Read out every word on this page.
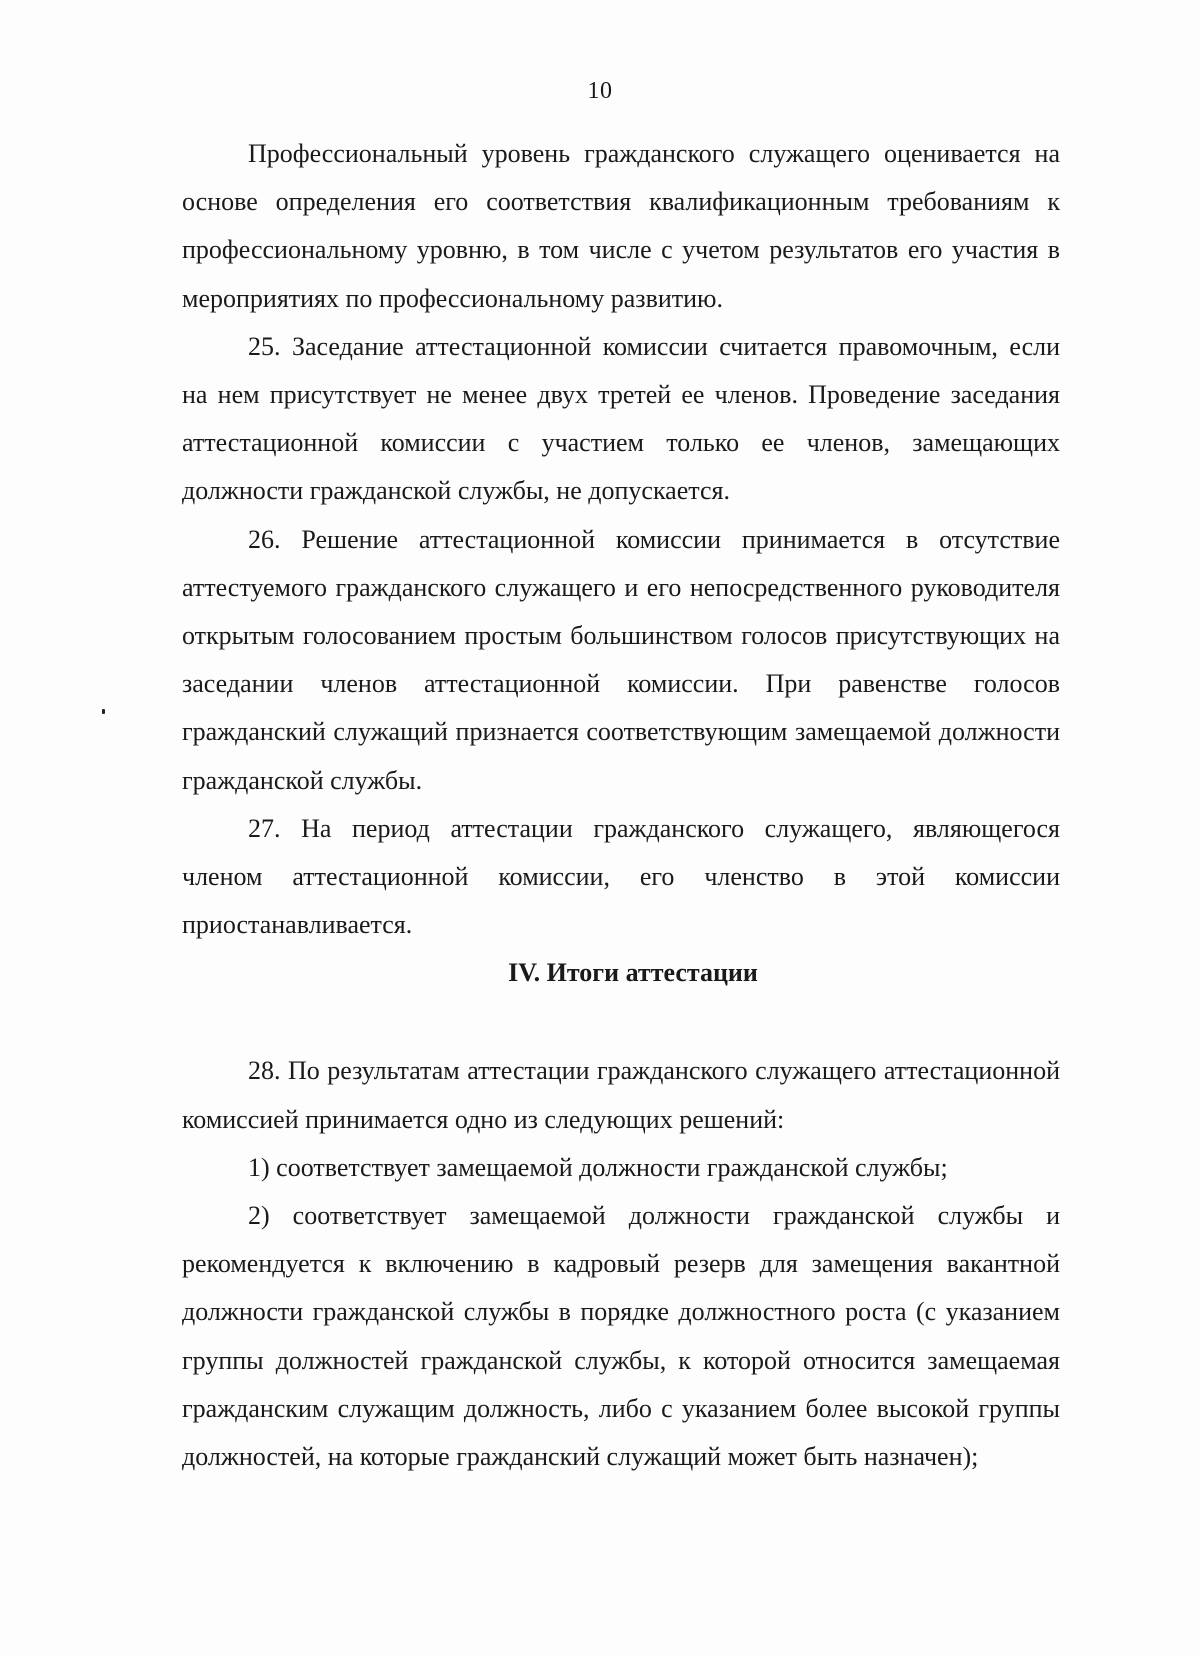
10

Профессиональный уровень гражданского служащего оценивается на основе определения его соответствия квалификационным требованиям к профессиональному уровню, в том числе с учетом результатов его участия в мероприятиях по профессиональному развитию.

25. Заседание аттестационной комиссии считается правомочным, если на нем присутствует не менее двух третей ее членов. Проведение заседания аттестационной комиссии с участием только ее членов, замещающих должности гражданской службы, не допускается.

26. Решение аттестационной комиссии принимается в отсутствие аттестуемого гражданского служащего и его непосредственного руководителя открытым голосованием простым большинством голосов присутствующих на заседании членов аттестационной комиссии. При равенстве голосов гражданский служащий признается соответствующим замещаемой должности гражданской службы.

27. На период аттестации гражданского служащего, являющегося членом аттестационной комиссии, его членство в этой комиссии приостанавливается.

IV. Итоги аттестации

28. По результатам аттестации гражданского служащего аттестационной комиссией принимается одно из следующих решений:

1) соответствует замещаемой должности гражданской службы;

2) соответствует замещаемой должности гражданской службы и рекомендуется к включению в кадровый резерв для замещения вакантной должности гражданской службы в порядке должностного роста (с указанием группы должностей гражданской службы, к которой относится замещаемая гражданским служащим должность, либо с указанием более высокой группы должностей, на которые гражданский служащий может быть назначен);
